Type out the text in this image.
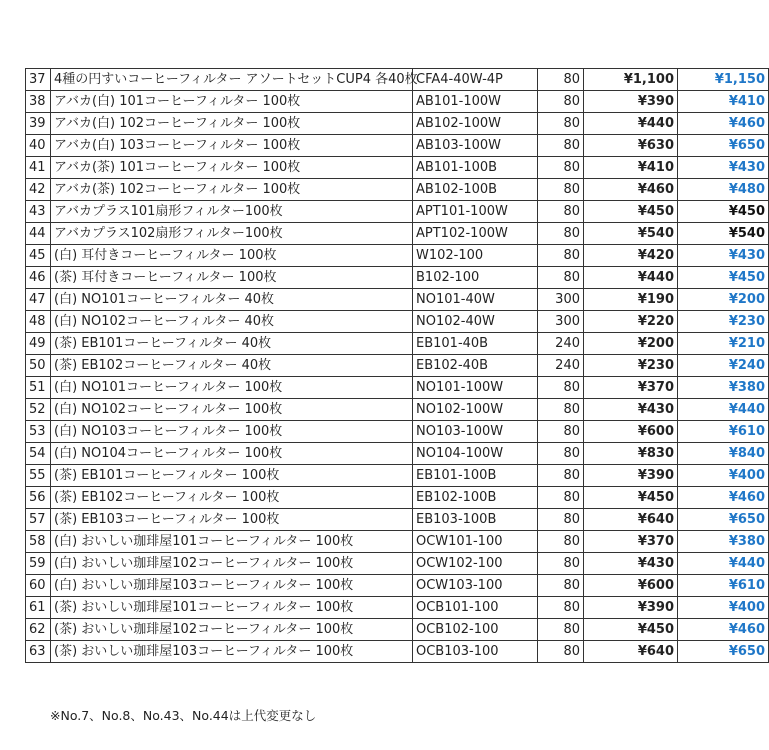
37	4種の円すいコーヒーフィルター アソートセットCUP4 各40枚	CFA4-40W-4P	80	¥1,100	¥1,150
38	アバカ(白) 101コーヒーフィルター 100枚	AB101-100W	80	¥390	¥410
39	アバカ(白) 102コーヒーフィルター 100枚	AB102-100W	80	¥440	¥460
40	アバカ(白) 103コーヒーフィルター 100枚	AB103-100W	80	¥630	¥650
41	アバカ(茶) 101コーヒーフィルター 100枚	AB101-100B	80	¥410	¥430
42	アバカ(茶) 102コーヒーフィルター 100枚	AB102-100B	80	¥460	¥480
43	アバカプラス101扇形フィルター100枚	APT101-100W	80	¥450	¥450
44	アバカプラス102扇形フィルター100枚	APT102-100W	80	¥540	¥540
45	(白) 耳付きコーヒーフィルター 100枚	W102-100	80	¥420	¥430
46	(茶) 耳付きコーヒーフィルター 100枚	B102-100	80	¥440	¥450
47	(白) NO101コーヒーフィルター 40枚	NO101-40W	300	¥190	¥200
48	(白) NO102コーヒーフィルター 40枚	NO102-40W	300	¥220	¥230
49	(茶) EB101コーヒーフィルター 40枚	EB101-40B	240	¥200	¥210
50	(茶) EB102コーヒーフィルター 40枚	EB102-40B	240	¥230	¥240
51	(白) NO101コーヒーフィルター 100枚	NO101-100W	80	¥370	¥380
52	(白) NO102コーヒーフィルター 100枚	NO102-100W	80	¥430	¥440
53	(白) NO103コーヒーフィルター 100枚	NO103-100W	80	¥600	¥610
54	(白) NO104コーヒーフィルター 100枚	NO104-100W	80	¥830	¥840
55	(茶) EB101コーヒーフィルター 100枚	EB101-100B	80	¥390	¥400
56	(茶) EB102コーヒーフィルター 100枚	EB102-100B	80	¥450	¥460
57	(茶) EB103コーヒーフィルター 100枚	EB103-100B	80	¥640	¥650
58	(白) おいしい珈琲屋101コーヒーフィルター 100枚	OCW101-100	80	¥370	¥380
59	(白) おいしい珈琲屋102コーヒーフィルター 100枚	OCW102-100	80	¥430	¥440
60	(白) おいしい珈琲屋103コーヒーフィルター 100枚	OCW103-100	80	¥600	¥610
61	(茶) おいしい珈琲屋101コーヒーフィルター 100枚	OCB101-100	80	¥390	¥400
62	(茶) おいしい珈琲屋102コーヒーフィルター 100枚	OCB102-100	80	¥450	¥460
63	(茶) おいしい珈琲屋103コーヒーフィルター 100枚	OCB103-100	80	¥640	¥650
※No.7、No.8、No.43、No.44は上代変更なし
